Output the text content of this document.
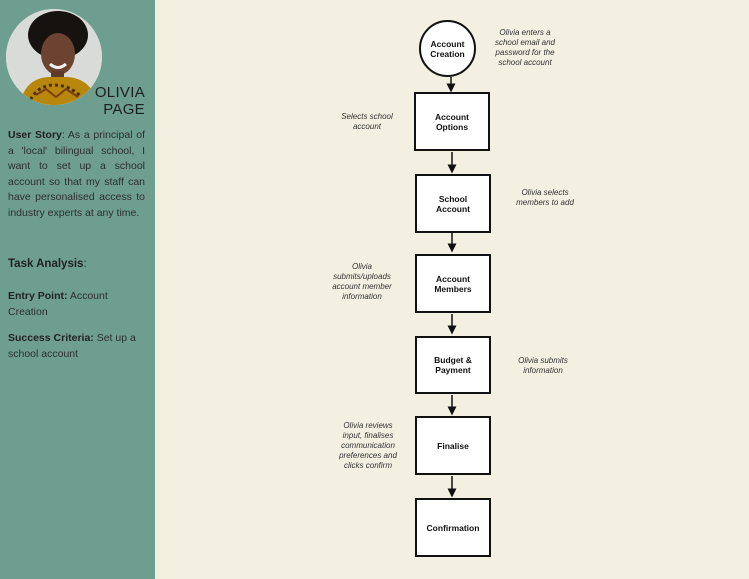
OLIVIA
PAGE
User Story: As a principal of a 'local' bilingual school, I want to set up a school account so that my staff can have personalised access to industry experts at any time.
Task Analysis:
Entry Point: Account Creation
Success Criteria: Set up a school account
Account
Creation
Account
Options
School
Account
Account
Members
Budget &
Payment
Finalise
Confirmation
Olivia enters a
school email and
password for the
school account
Selects school
account
Olivia selects
members to add
Olivia
submits/uploads
account member
information
Olivia submits
information
Olivia reviews
input, finalises
communication
preferences and
clicks confirm
